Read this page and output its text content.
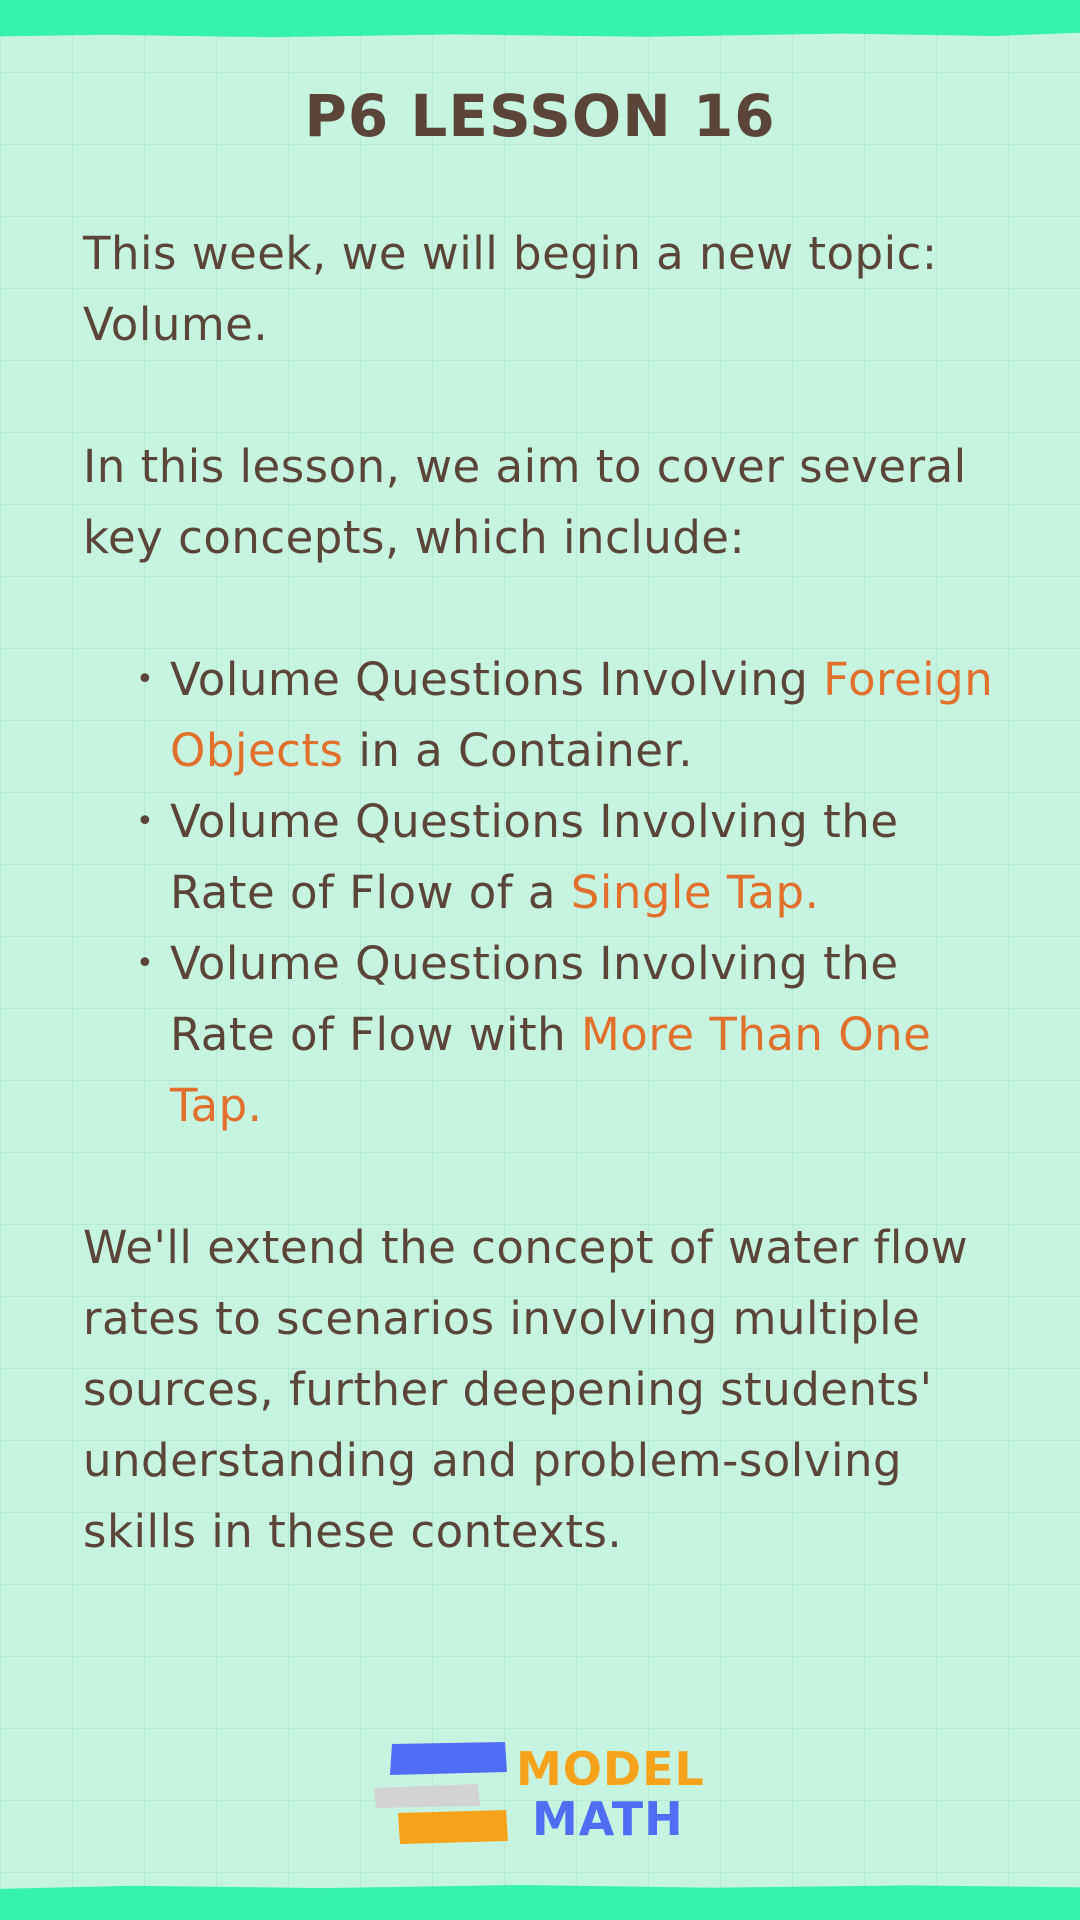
P6 LESSON 16

This week, we will begin a new topic: Volume.

In this lesson, we aim to cover several key concepts, which include:

• Volume Questions Involving Foreign Objects in a Container.
• Volume Questions Involving the Rate of Flow of a Single Tap.
• Volume Questions Involving the Rate of Flow with More Than One Tap.

We'll extend the concept of water flow rates to scenarios involving multiple sources, further deepening students' understanding and problem-solving skills in these contexts.

MODEL
MATH
